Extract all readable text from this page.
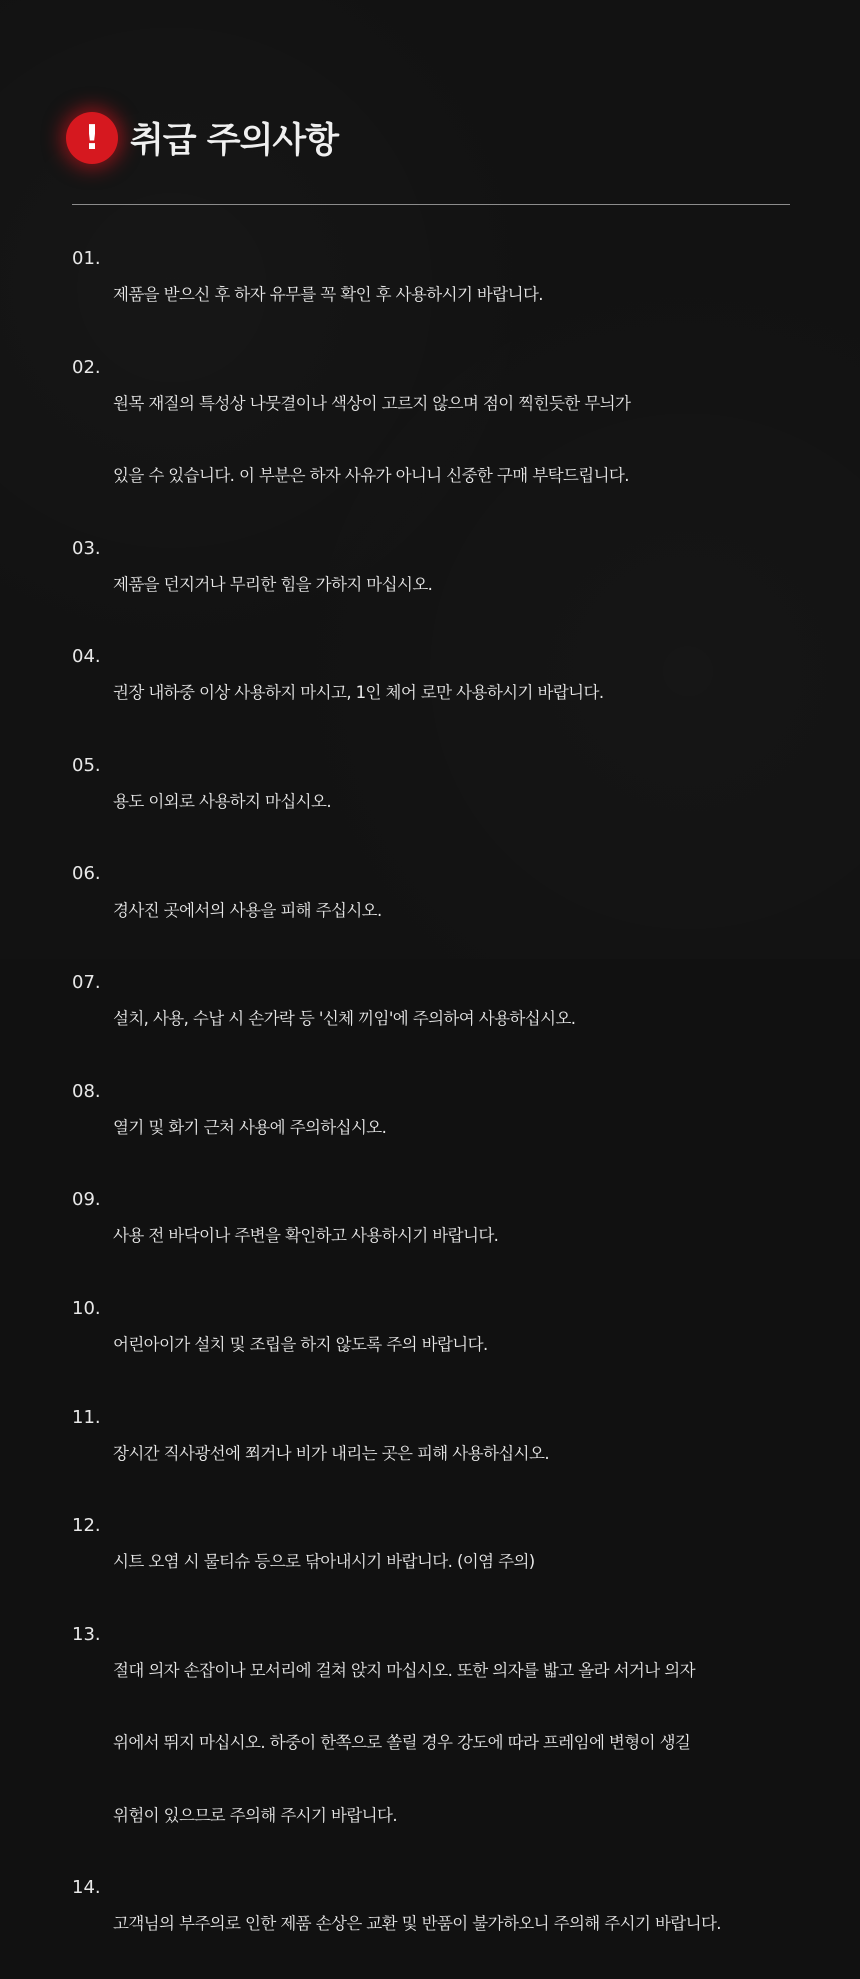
! 취급 주의사항
01.

제품을 받으신 후 하자 유무를 꼭 확인 후 사용하시기 바랍니다.

02.

원목 재질의 특성상 나뭇결이나 색상이 고르지 않으며 점이 찍힌듯한 무늬가

있을 수 있습니다. 이 부분은 하자 사유가 아니니 신중한 구매 부탁드립니다.

03.

제품을 던지거나 무리한 힘을 가하지 마십시오.

04.

권장 내하중 이상 사용하지 마시고, 1인 체어 로만 사용하시기 바랍니다.

05.

용도 이외로 사용하지 마십시오.

06.

경사진 곳에서의 사용을 피해 주십시오.

07.

설치, 사용, 수납 시 손가락 등 '신체 끼임'에 주의하여 사용하십시오.

08.

열기 및 화기 근처 사용에 주의하십시오.

09.

사용 전 바닥이나 주변을 확인하고 사용하시기 바랍니다.

10.

어린아이가 설치 및 조립을 하지 않도록 주의 바랍니다.

11.

장시간 직사광선에 쬐거나 비가 내리는 곳은 피해 사용하십시오.

12.

시트 오염 시 물티슈 등으로 닦아내시기 바랍니다. (이염 주의)

13.

절대 의자 손잡이나 모서리에 걸쳐 앉지 마십시오. 또한 의자를 밟고 올라 서거나 의자

위에서 뛰지 마십시오. 하중이 한쪽으로 쏠릴 경우 강도에 따라 프레임에 변형이 생길

위험이 있으므로 주의해 주시기 바랍니다.

14.

고객님의 부주의로 인한 제품 손상은 교환 및 반품이 불가하오니 주의해 주시기 바랍니다.
